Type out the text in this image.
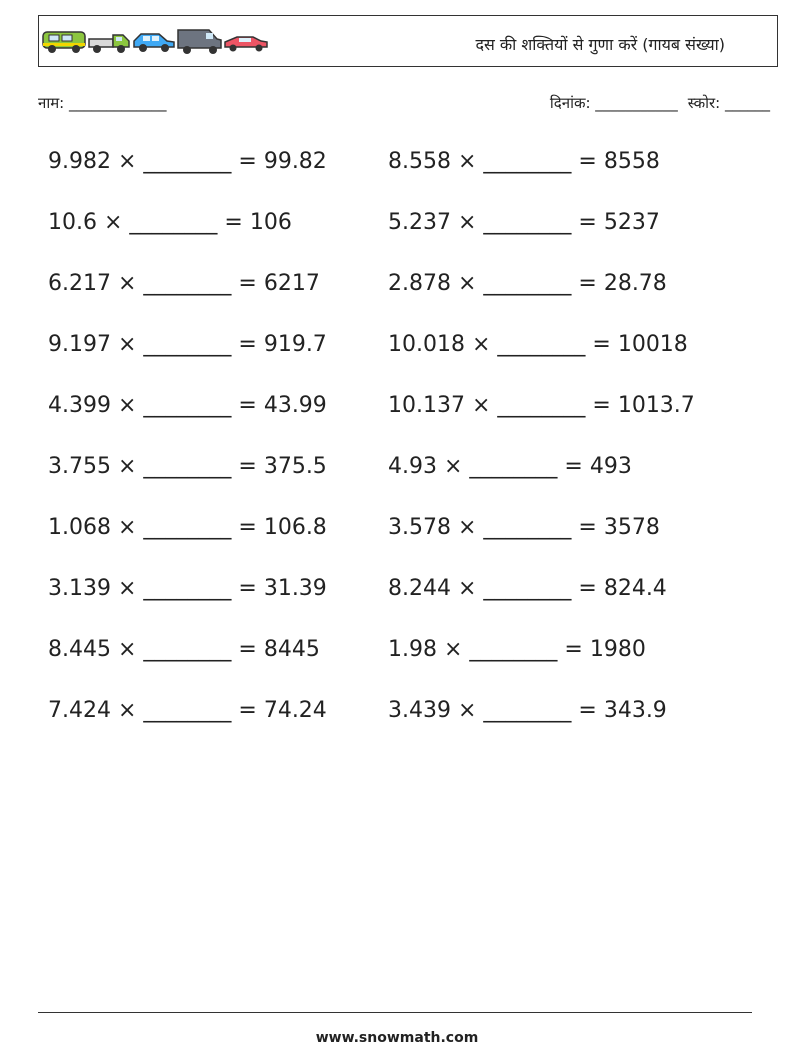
दस की शक्तियों से गुणा करें (गायब संख्या)
नाम: _____________	दिनांक: ___________ स्कोर: ______
9.982 × ________ = 99.82
10.6 × ________ = 106
6.217 × ________ = 6217
9.197 × ________ = 919.7
4.399 × ________ = 43.99
3.755 × ________ = 375.5
1.068 × ________ = 106.8
3.139 × ________ = 31.39
8.445 × ________ = 8445
7.424 × ________ = 74.24
8.558 × ________ = 8558
5.237 × ________ = 5237
2.878 × ________ = 28.78
10.018 × ________ = 10018
10.137 × ________ = 1013.7
4.93 × ________ = 493
3.578 × ________ = 3578
8.244 × ________ = 824.4
1.98 × ________ = 1980
3.439 × ________ = 343.9
www.snowmath.com
